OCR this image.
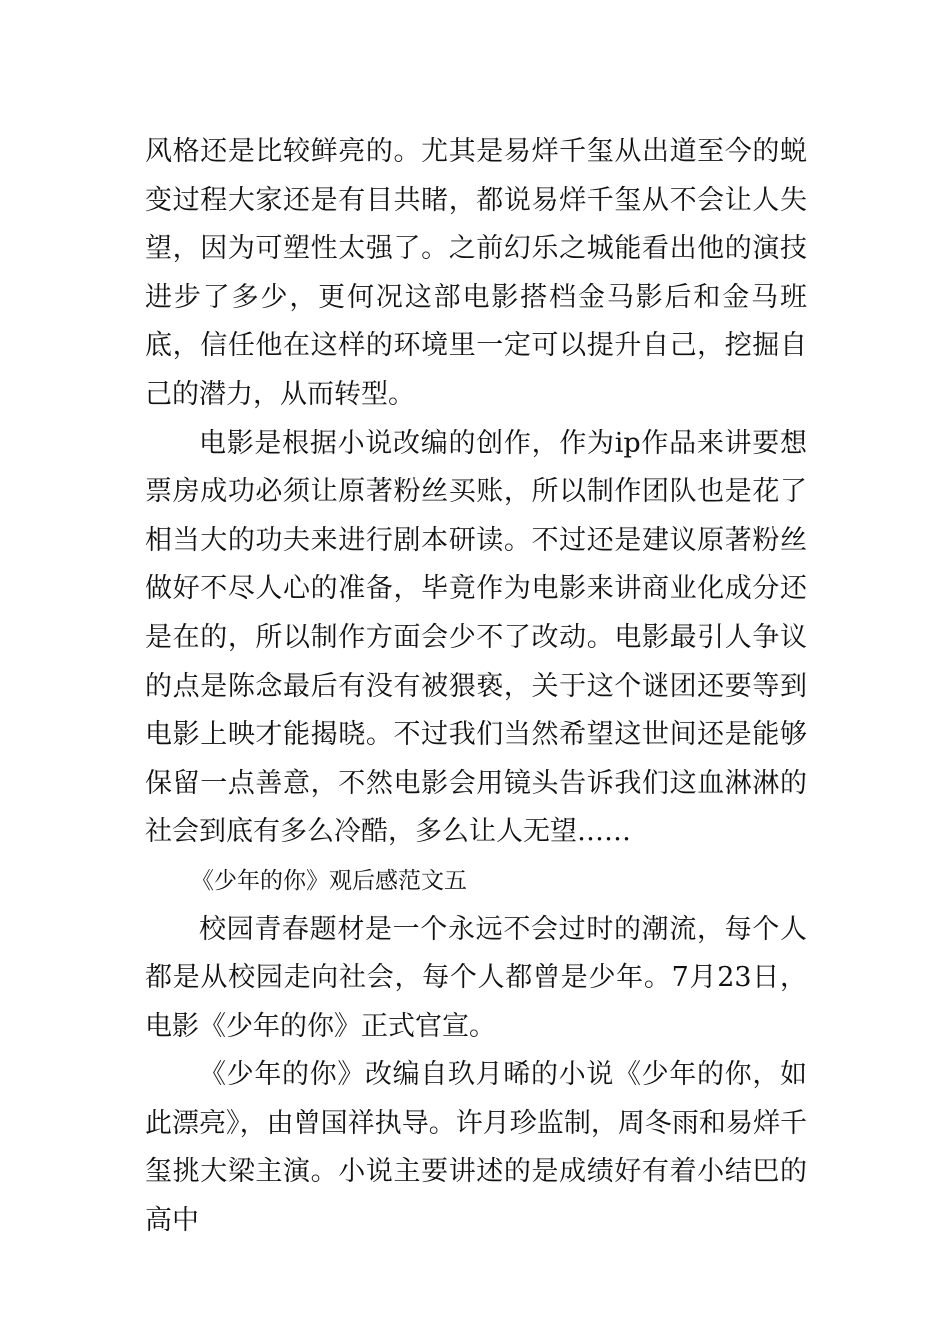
风格还是比较鲜亮的。尤其是易烊千玺从出道至今的蜕变过程大家还是有目共睹，都说易烊千玺从不会让人失望，因为可塑性太强了。之前幻乐之城能看出他的演技进步了多少，更何况这部电影搭档金马影后和金马班底，信任他在这样的环境里一定可以提升自己，挖掘自己的潜力，从而转型。

电影是根据小说改编的创作，作为ip作品来讲要想票房成功必须让原著粉丝买账，所以制作团队也是花了相当大的功夫来进行剧本研读。不过还是建议原著粉丝做好不尽人心的准备，毕竟作为电影来讲商业化成分还是在的，所以制作方面会少不了改动。电影最引人争议的点是陈念最后有没有被猥亵，关于这个谜团还要等到电影上映才能揭晓。不过我们当然希望这世间还是能够保留一点善意，不然电影会用镜头告诉我们这血淋淋的社会到底有多么冷酷，多么让人无望……

《少年的你》观后感范文五

校园青春题材是一个永远不会过时的潮流，每个人都是从校园走向社会，每个人都曾是少年。7月23日，电影《少年的你》正式官宣。

《少年的你》改编自玖月晞的小说《少年的你，如此漂亮》，由曾国祥执导。许月珍监制，周冬雨和易烊千玺挑大梁主演。小说主要讲述的是成绩好有着小结巴的高中
